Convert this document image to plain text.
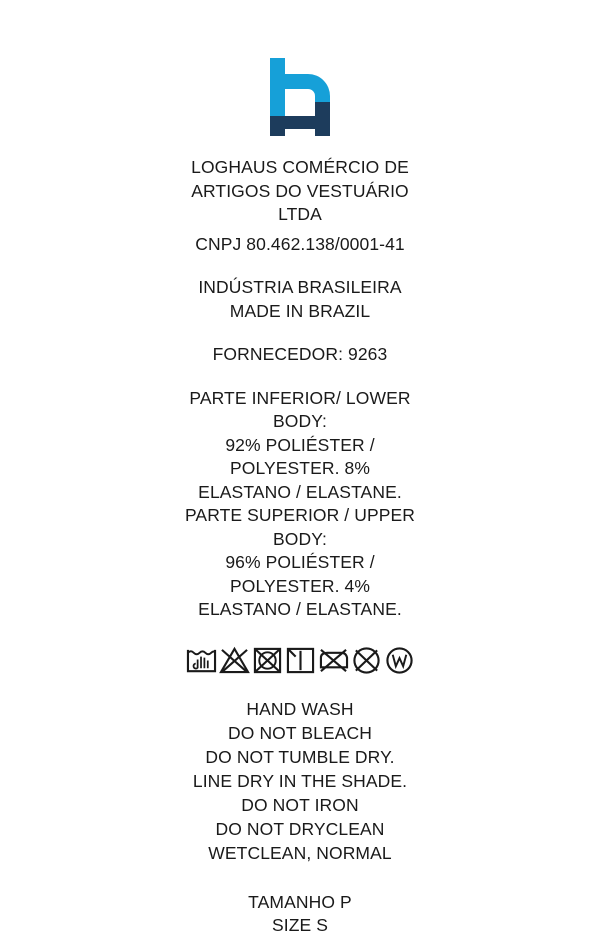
LOGHAUS COMÉRCIO DE
ARTIGOS DO VESTUÁRIO
LTDA
CNPJ 80.462.138/0001-41
INDÚSTRIA BRASILEIRA
MADE IN BRAZIL
FORNECEDOR: 9263
PARTE INFERIOR/ LOWER
BODY:
92% POLIÉSTER /
POLYESTER. 8%
ELASTANO / ELASTANE.
PARTE SUPERIOR / UPPER
BODY:
96% POLIÉSTER /
POLYESTER. 4%
ELASTANO / ELASTANE.
HAND WASH
DO NOT BLEACH
DO NOT TUMBLE DRY.
LINE DRY IN THE SHADE.
DO NOT IRON
DO NOT DRYCLEAN
WETCLEAN, NORMAL
TAMANHO P
SIZE S
